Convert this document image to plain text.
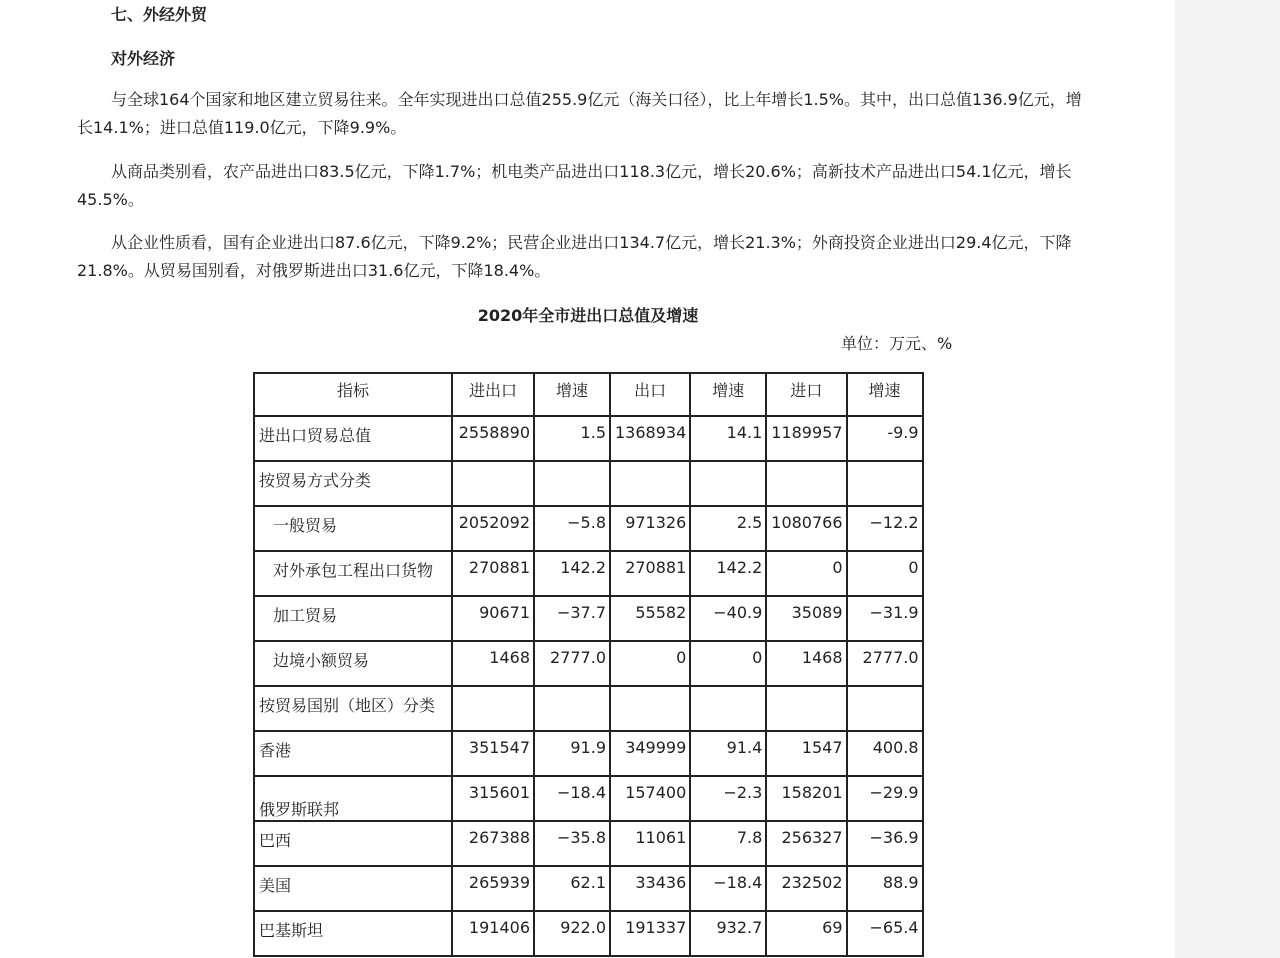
七、外经外贸
对外经济

与全球164个国家和地区建立贸易往来。全年实现进出口总值255.9亿元（海关口径），比上年增长1.5%。其中，出口总值136.9亿元，增长14.1%；进口总值119.0亿元，下降9.9%。

从商品类别看，农产品进出口83.5亿元，下降1.7%；机电类产品进出口118.3亿元，增长20.6%；高新技术产品进出口54.1亿元，增长45.5%。

从企业性质看，国有企业进出口87.6亿元，下降9.2%；民营企业进出口134.7亿元，增长21.3%；外商投资企业进出口29.4亿元，下降21.8%。从贸易国别看，对俄罗斯进出口31.6亿元，下降18.4%。

2020年全市进出口总值及增速

单位：万元、%

指标	进出口	增速	出口	增速	进口	增速
进出口贸易总值	2558890	1.5	1368934	14.1	1189957	-9.9
按贸易方式分类						
一般贸易	2052092	−5.8	971326	2.5	1080766	−12.2
对外承包工程出口货物	270881	142.2	270881	142.2	0	0
加工贸易	90671	−37.7	55582	−40.9	35089	−31.9
边境小额贸易	1468	2777.0	0	0	1468	2777.0
按贸易国别（地区）分类						
香港	351547	91.9	349999	91.4	1547	400.8
俄罗斯联邦	315601	−18.4	157400	−2.3	158201	−29.9
巴西	267388	−35.8	11061	7.8	256327	−36.9
美国	265939	62.1	33436	−18.4	232502	88.9
巴基斯坦	191406	922.0	191337	932.7	69	−65.4
